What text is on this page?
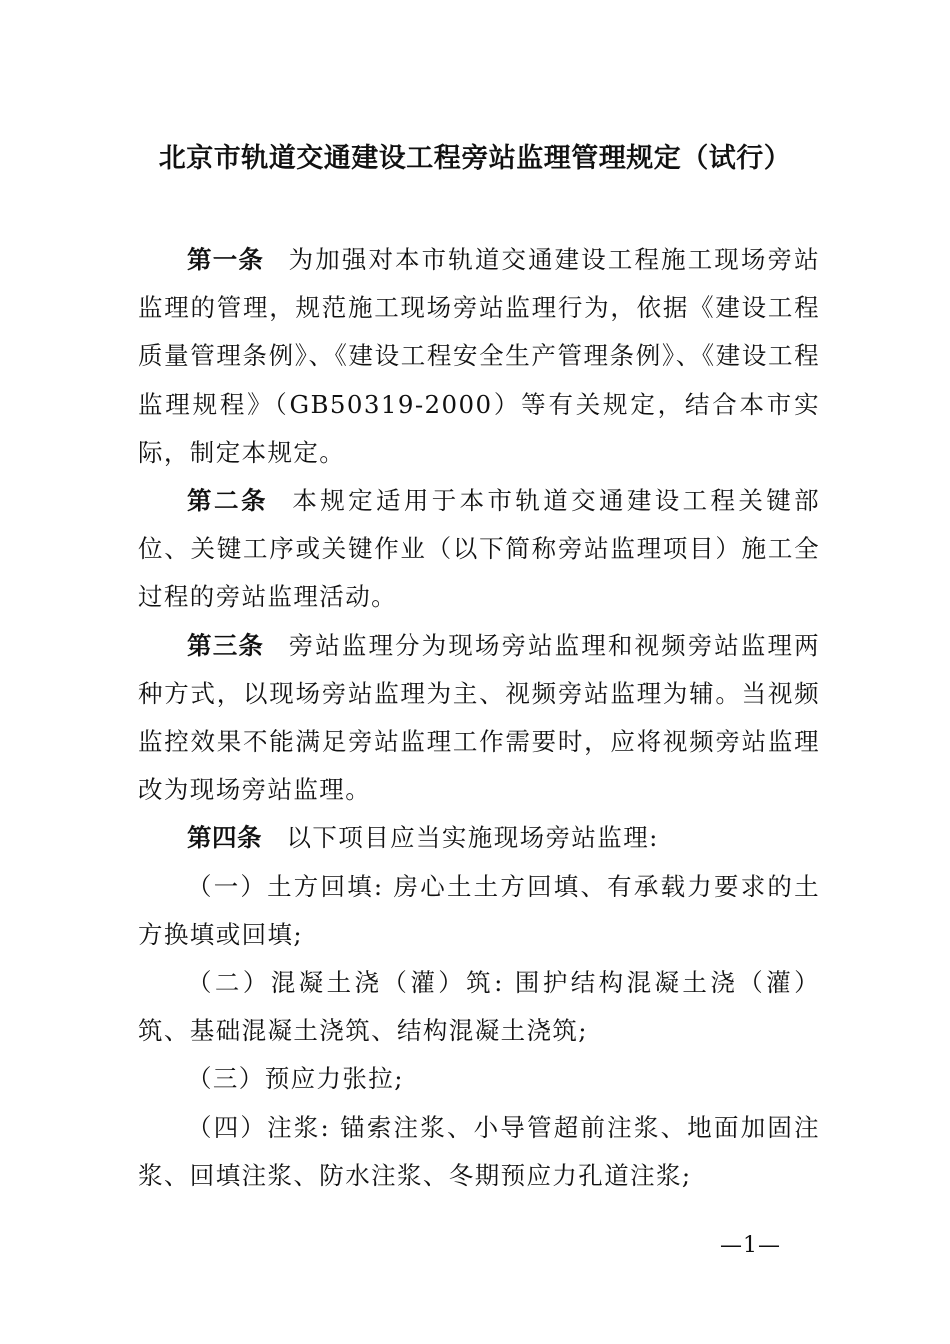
北京市轨道交通建设工程旁站监理管理规定（试行）

第一条 为加强对本市轨道交通建设工程施工现场旁站监理的管理，规范施工现场旁站监理行为，依据《建设工程质量管理条例》、《建设工程安全生产管理条例》、《建设工程监理规程》（GB50319-2000）等有关规定，结合本市实际，制定本规定。

第二条 本规定适用于本市轨道交通建设工程关键部位、关键工序或关键作业（以下简称旁站监理项目）施工全过程的旁站监理活动。

第三条 旁站监理分为现场旁站监理和视频旁站监理两种方式，以现场旁站监理为主、视频旁站监理为辅。当视频监控效果不能满足旁站监理工作需要时，应将视频旁站监理改为现场旁站监理。

第四条 以下项目应当实施现场旁站监理:

（一）土方回填: 房心土土方回填、有承载力要求的土方换填或回填;

（二）混凝土浇（灌）筑: 围护结构混凝土浇（灌）筑、基础混凝土浇筑、结构混凝土浇筑;

（三）预应力张拉;

（四）注浆: 锚索注浆、小导管超前注浆、地面加固注浆、回填注浆、防水注浆、冬期预应力孔道注浆;

—1—
